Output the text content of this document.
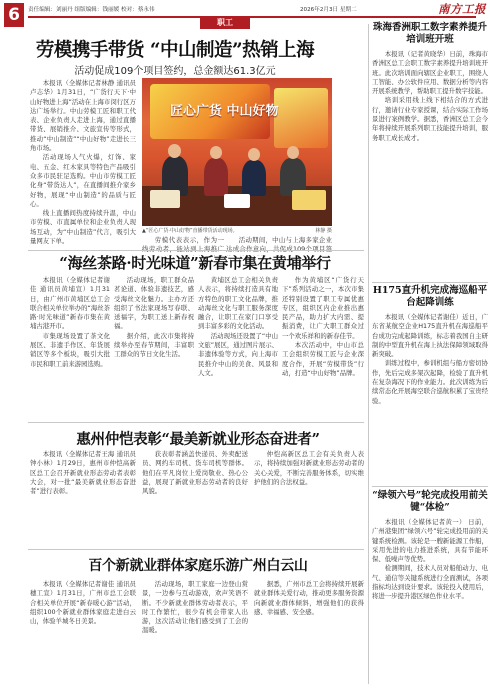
6	责任编辑：刘丽丹 组版编辑：钱丽媛 校对：蔡永伟	2026年2月3日 星期二	南方工报
职工
劳模携手带货 “中山制造”热销上海
活动促成109个项目签约，总金额达61.3亿元

本报讯（全媒体记者林静 通讯员卢志华）1月31日，“广货行天下·中山好物进上海”活动在上海市闵行区万达广场举行。中山劳模工匠和职工代表、企业负责人走进上海，通过直播带货、展销推介、文旅宣传等形式，推动“中山制造”“中山好物”走进长三角市场。

活动现场人气火爆，灯饰、家电、五金、红木家具等特色产品吸引众多市民驻足选购。中山市劳模工匠化身“带货达人”，在直播间推介家乡好物，展现“中山制造”的品质与匠心。

线上直播间热度持续升温，中山市劳模、市直属单位和企业负责人现场互动，为“中山制造”代言，吸引大量网友下单。

匠心广货 中山好物
▲“匠心广货·中山好物”直播带货活动现场。	林静 摄

劳模代表表示，作为一	活动期间，中山与上海多家企业

珠海香洲职工数字素养提升培训班开班

本报讯（记者黄晓华）日前，珠海市香洲区总工会职工数字素养提升培训班开班。此次培训面向辖区企业职工，围绕人工智能、办公软件应用、数据分析等内容开展系统教学，帮助职工提升数字技能。

培训采用线上线下相结合的方式进行，邀请行业专家授课，结合实际工作场景进行案例教学。据悉，香洲区总工会今年将持续开展系列职工技能提升培训，服务职工成长成才。

H175直升机完成海巡船平台起降训练

本报讯（全媒体记者谢佳）近日，广东省某航空企业H175直升机在海巡船平台成功完成起降训练，标志着我国自主研制的中型直升机在海上执法保障领域取得新突破。

训练过程中，参训机组与船方密切协作，先后完成多架次起降，检验了直升机在复杂海况下的作业能力。此次训练为后续常态化开展海空联合巡航积累了宝贵经验。

“绿领六号”轮完成投用前关键“体检”

本报讯（全媒体记者黄一） 日前，广州港集团“绿领六号”轮完成投用前的关键系统检测。该轮是一艘新能源工作船，采用先进的电力推进系统，具有节能环保、低噪声等优势。

检测期间，技术人员对船舶动力、电气、通信等关键系统进行全面测试，各项指标均达到设计要求。该轮投入使用后，将进一步提升港区绿色作业水平。

“海丝茶路·时光味道”新春市集在黄埔举行

本报讯（全媒体记者谢佳 通讯员黄埔宣）1月31日，由广州市黄埔区总工会联合相关单位举办的“海丝茶路·时光味道”新春市集在黄埔古港开市。

市集现场设置了茶文化展区、非遗手作区、年货展销区等多个板块，吸引大批市民和职工前来游园选购。

活动现场，职工群众品茗论道、体验非遗技艺，感受海丝文化魅力。主办方还组织了书法家现场写春联、送福字，为职工送上新春祝福。

据介绍，此次市集将持续举办至春节期间，丰富职工群众的节日文化生活。

黄埔区总工会相关负责人表示，将持续打造具有地方特色的职工文化品牌，推动海丝文化与职工服务深度融合，让职工在家门口享受到丰富多彩的文化活动。

活动现场还设置了“中山文旅”展区，通过图片展示、非遗体验等方式，向上海市民推介中山的美食、风景和人文。

作为黄埔区“广货行天下”系列活动之一，本次市集还特别设置了职工专属优惠专区，组织区内企业推出惠民产品，助力扩大内需、提振消费，让广大职工群众过一个欢乐祥和的新春佳节。

本次活动中，中山市总工会组织劳模工匠与企业深度合作，开展“劳模带货”行动，打造“中山好物”品牌。

惠州仲恺表彰“最美新就业形态奋进者”

本报讯（全媒体记者王海 通讯员钟小林）1月29日，惠州市仲恺高新区总工会召开新就业形态劳动者表彰大会，对一批“最美新就业形态奋进者”进行表彰。

获表彰者涵盖快递员、外卖配送员、网约车司机、货车司机等群体。他们在平凡岗位上爱岗敬业、热心公益，展现了新就业形态劳动者的良好风貌。

仲恺高新区总工会有关负责人表示，将持续加强对新就业形态劳动者的关心关爱，不断完善服务体系，切实维护他们的合法权益。

百个新就业群体家庭乐游广州白云山

本报讯（全媒体记者谢佳 通讯员穗工宣）1月31日，广州市总工会联合相关单位开展“新春暖心游”活动，组织100个新就业群体家庭走进白云山，体验羊城冬日美景。

活动现场，职工家庭一边登山赏景，一边参与互动游戏，欢声笑语不断。不少新就业群体劳动者表示，平时工作繁忙，很少有机会带家人出游，这次活动让他们感受到了工会的温暖。

据悉，广州市总工会将持续开展新就业群体关爱行动，推动更多服务资源向新就业群体倾斜，增强他们的获得感、幸福感、安全感。
